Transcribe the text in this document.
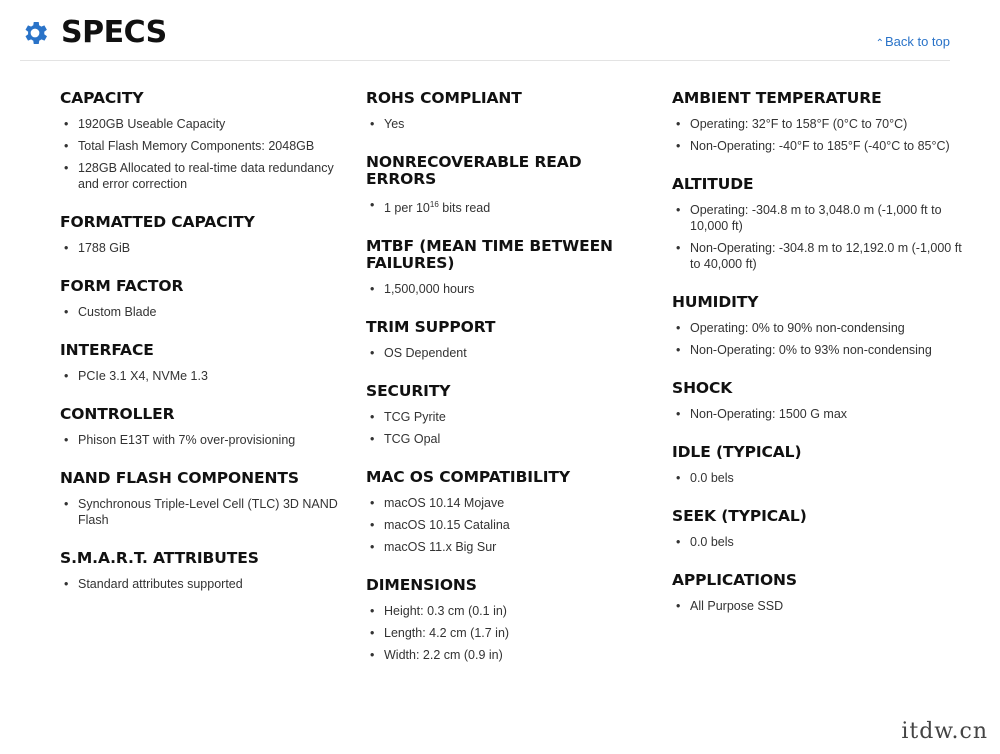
SPECS	⌃Back to top
CAPACITY
• 1920GB Useable Capacity
• Total Flash Memory Components: 2048GB
• 128GB Allocated to real-time data redundancy and error correction
FORMATTED CAPACITY
• 1788 GiB
FORM FACTOR
• Custom Blade
INTERFACE
• PCIe 3.1 X4, NVMe 1.3
CONTROLLER
• Phison E13T with 7% over-provisioning
NAND FLASH COMPONENTS
• Synchronous Triple-Level Cell (TLC) 3D NAND Flash
S.M.A.R.T. ATTRIBUTES
• Standard attributes supported
ROHS COMPLIANT
• Yes
NONRECOVERABLE READ ERRORS
• 1 per $10^{16}$ bits read
MTBF (MEAN TIME BETWEEN FAILURES)
• 1,500,000 hours
TRIM SUPPORT
• OS Dependent
SECURITY
• TCG Pyrite
• TCG Opal
MAC OS COMPATIBILITY
• macOS 10.14 Mojave
• macOS 10.15 Catalina
• macOS 11.x Big Sur
DIMENSIONS
• Height: 0.3 cm (0.1 in)
• Length: 4.2 cm (1.7 in)
• Width: 2.2 cm (0.9 in)
AMBIENT TEMPERATURE
• Operating: 32°F to 158°F (0°C to 70°C)
• Non-Operating: -40°F to 185°F (-40°C to 85°C)
ALTITUDE
• Operating: -304.8 m to 3,048.0 m (-1,000 ft to 10,000 ft)
• Non-Operating: -304.8 m to 12,192.0 m (-1,000 ft to 40,000 ft)
HUMIDITY
• Operating: 0% to 90% non-condensing
• Non-Operating: 0% to 93% non-condensing
SHOCK
• Non-Operating: 1500 G max
IDLE (TYPICAL)
• 0.0 bels
SEEK (TYPICAL)
• 0.0 bels
APPLICATIONS
• All Purpose SSD
itdw.cn
